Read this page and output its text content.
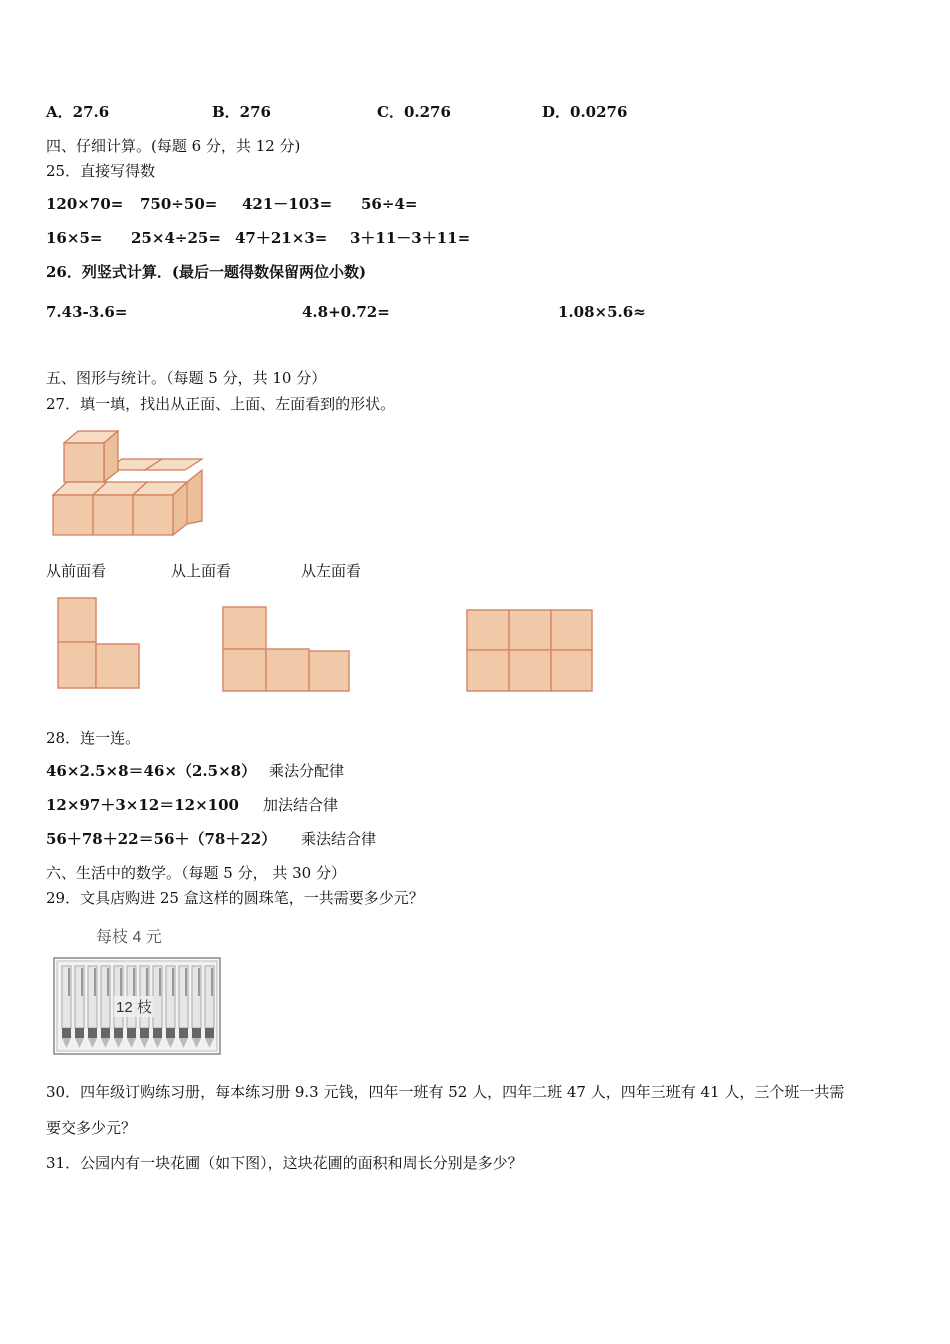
A．27.6	B．276	C．0.276	D．0.0276
四、仔细计算。(每题 6 分，共 12 分)
25．直接写得数
120×70= 750÷50= 421－103= 56÷4=
16×5= 25×4÷25= 47＋21×3= 3＋11－3＋11=
26．列竖式计算．(最后一题得数保留两位小数)
7.43-3.6=	4.8+0.72=	1.08×5.6≈
五、图形与统计。（每题 5 分，共 10 分）
27．填一填，找出从正面、上面、左面看到的形状。
从前面看	从上面看	从左面看
28．连一连。
46×2.5×8＝46×（2.5×8） 乘法分配律
12×97＋3×12＝12×100 加法结合律
56＋78＋22＝56＋（78＋22） 乘法结合律
六、生活中的数学。（每题 5 分， 共 30 分）
29．文具店购进 25 盒这样的圆珠笔，一共需要多少元？
每枝 4 元
12 枝
30．四年级订购练习册，每本练习册 9.3 元钱，四年一班有 52 人，四年二班 47 人，四年三班有 41 人，三个班一共需
要交多少元？
31．公园内有一块花圃（如下图），这块花圃的面积和周长分别是多少？
